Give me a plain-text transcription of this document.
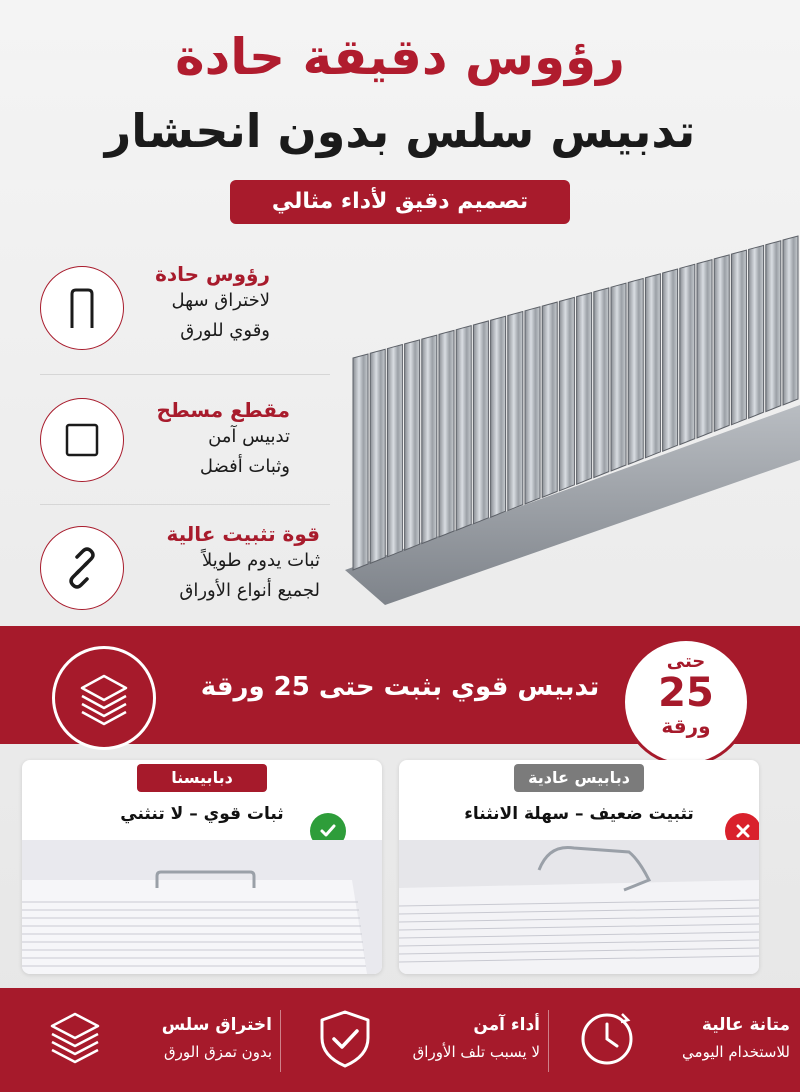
رؤوس دقيقة حادة
تدبيس سلس بدون انحشار
تصميم دقيق لأداء مثالي
رؤوس حادة
لاختراق سهل
وقوي للورق
مقطع مسطح
تدبيس آمن
وثبات أفضل
قوة تثبيت عالية
ثبات يدوم طويلاً
لجميع أنواع الأوراق
تدبيس قوي بثبت حتى 25 ورقة
حتى
25
ورقة
دبابيسنا
ثبات قوي – لا تنثني
دبابيس عادية
تثبيت ضعيف – سهلة الانثناء
متانة عالية
للاستخدام اليومي
أداء آمن
لا يسبب تلف الأوراق
اختراق سلس
بدون تمزق الورق
